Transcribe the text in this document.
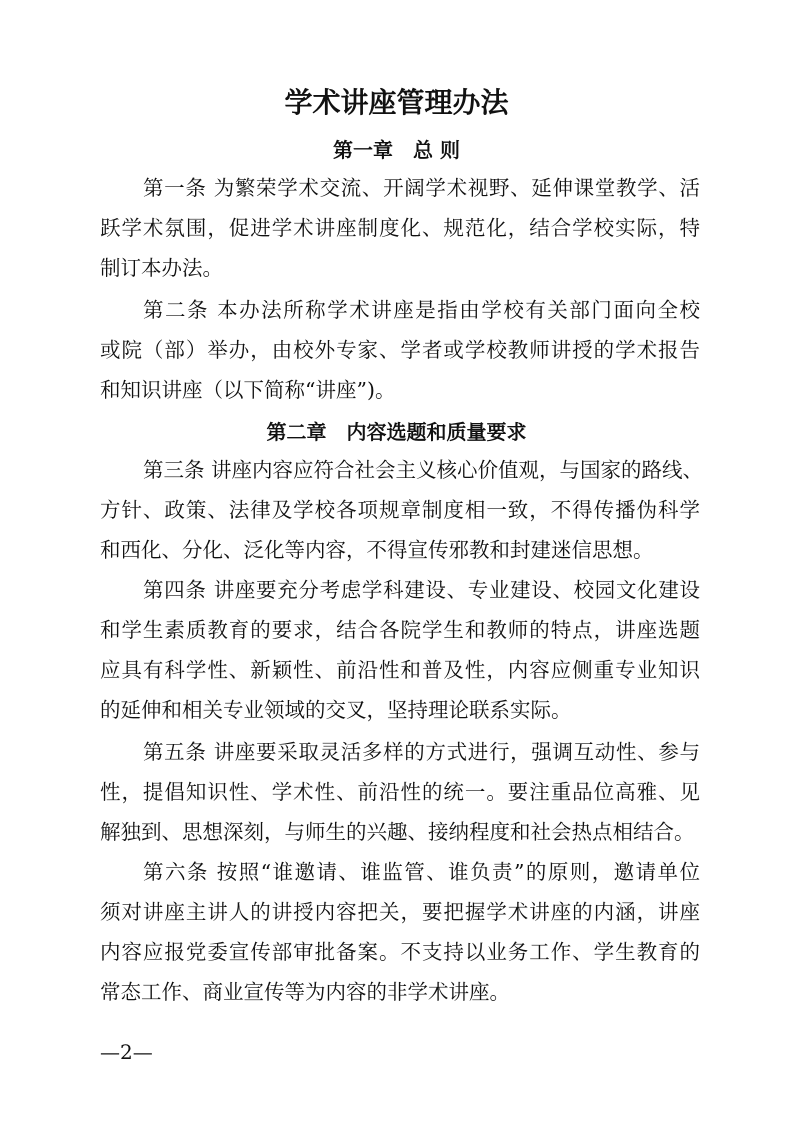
学术讲座管理办法
第一章　总 则
第一条 为繁荣学术交流、开阔学术视野、延伸课堂教学、活
跃学术氛围，促进学术讲座制度化、规范化，结合学校实际，特
制订本办法。
第二条 本办法所称学术讲座是指由学校有关部门面向全校
或院（部）举办，由校外专家、学者或学校教师讲授的学术报告
和知识讲座（以下简称“讲座”)。
第二章　内容选题和质量要求
第三条 讲座内容应符合社会主义核心价值观，与国家的路线、
方针、政策、法律及学校各项规章制度相一致，不得传播伪科学
和西化、分化、泛化等内容，不得宣传邪教和封建迷信思想。
第四条 讲座要充分考虑学科建设、专业建设、校园文化建设
和学生素质教育的要求，结合各院学生和教师的特点，讲座选题
应具有科学性、新颖性、前沿性和普及性，内容应侧重专业知识
的延伸和相关专业领域的交叉，坚持理论联系实际。
第五条 讲座要采取灵活多样的方式进行，强调互动性、参与
性，提倡知识性、学术性、前沿性的统一。要注重品位高雅、见
解独到、思想深刻，与师生的兴趣、接纳程度和社会热点相结合。
第六条 按照“谁邀请、谁监管、谁负责”的原则，邀请单位
须对讲座主讲人的讲授内容把关，要把握学术讲座的内涵，讲座
内容应报党委宣传部审批备案。不支持以业务工作、学生教育的
常态工作、商业宣传等为内容的非学术讲座。
—2—
